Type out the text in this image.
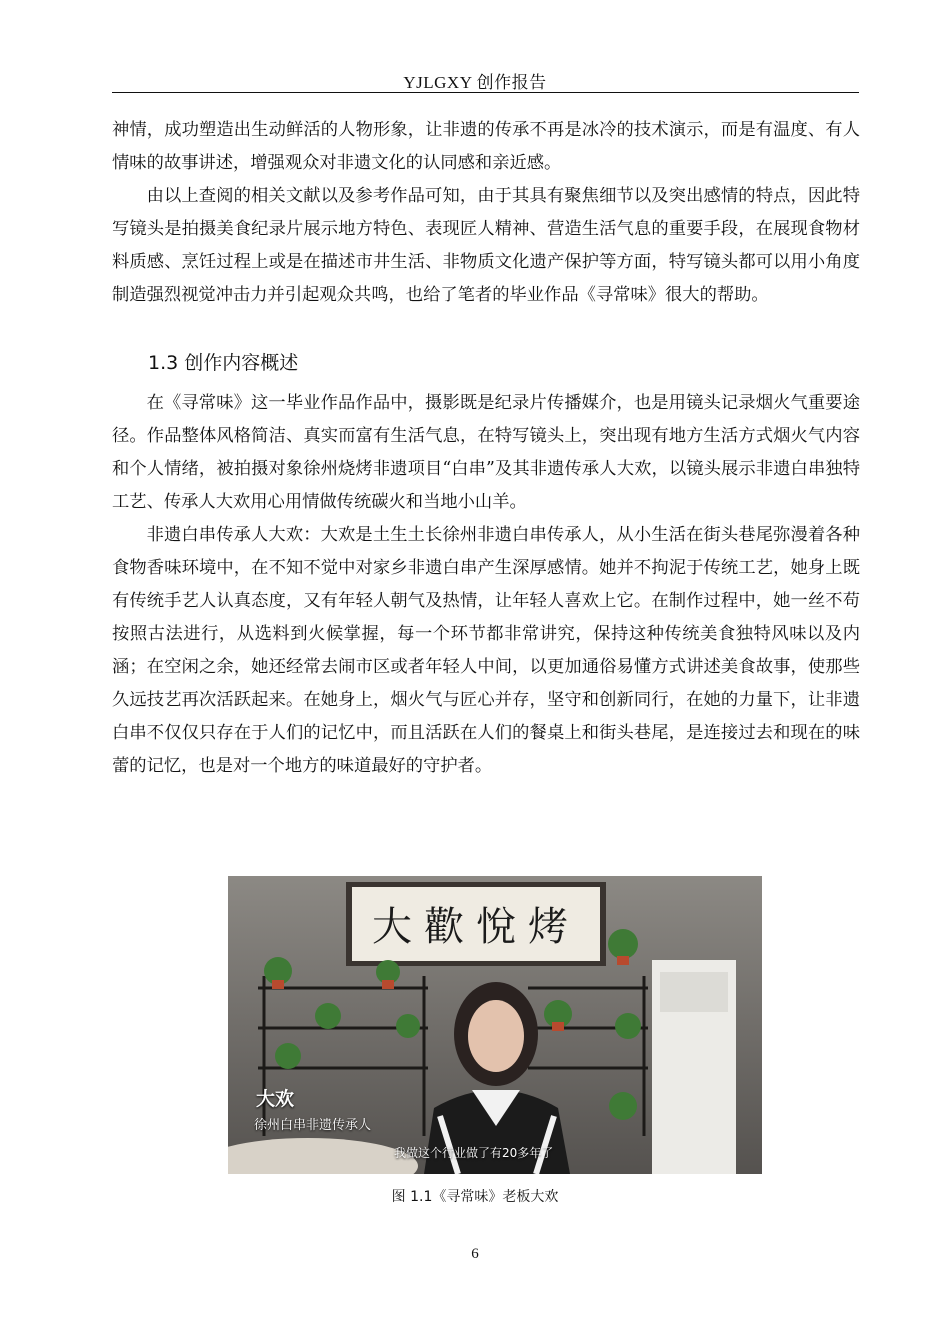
YJLGXY 创作报告

神情，成功塑造出生动鲜活的人物形象，让非遗的传承不再是冰冷的技术演示，而是有温度、有人情味的故事讲述，增强观众对非遗文化的认同感和亲近感。

由以上查阅的相关文献以及参考作品可知，由于其具有聚焦细节以及突出感情的特点，因此特写镜头是拍摄美食纪录片展示地方特色、表现匠人精神、营造生活气息的重要手段，在展现食物材料质感、烹饪过程上或是在描述市井生活、非物质文化遗产保护等方面，特写镜头都可以用小角度制造强烈视觉冲击力并引起观众共鸣，也给了笔者的毕业作品《寻常味》很大的帮助。

1.3 创作内容概述

在《寻常味》这一毕业作品作品中，摄影既是纪录片传播媒介，也是用镜头记录烟火气重要途径。作品整体风格简洁、真实而富有生活气息，在特写镜头上，突出现有地方生活方式烟火气内容和个人情绪，被拍摄对象徐州烧烤非遗项目“白串”及其非遗传承人大欢，以镜头展示非遗白串独特工艺、传承人大欢用心用情做传统碳火和当地小山羊。

非遗白串传承人大欢：大欢是土生土长徐州非遗白串传承人，从小生活在街头巷尾弥漫着各种食物香味环境中，在不知不觉中对家乡非遗白串产生深厚感情。她并不拘泥于传统工艺，她身上既有传统手艺人认真态度，又有年轻人朝气及热情，让年轻人喜欢上它。在制作过程中，她一丝不苟按照古法进行，从选料到火候掌握，每一个环节都非常讲究，保持这种传统美食独特风味以及内涵；在空闲之余，她还经常去闹市区或者年轻人中间，以更加通俗易懂方式讲述美食故事，使那些久远技艺再次活跃起来。在她身上，烟火气与匠心并存，坚守和创新同行，在她的力量下，让非遗白串不仅仅只存在于人们的记忆中，而且活跃在人们的餐桌上和街头巷尾，是连接过去和现在的味蕾的记忆，也是对一个地方的味道最好的守护者。

大歡悅烤
大欢
徐州白串非遗传承人
我做这个行业做了有20多年了
图 1.1《寻常味》老板大欢
6
